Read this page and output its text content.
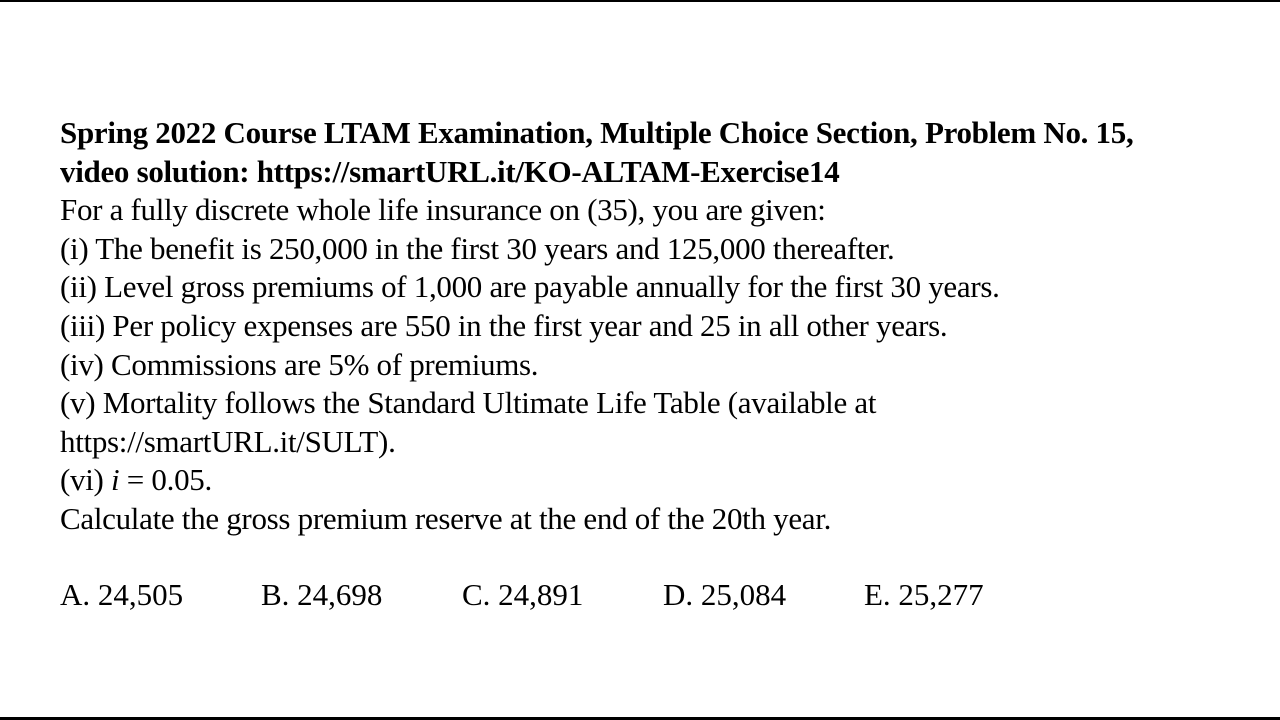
Spring 2022 Course LTAM Examination, Multiple Choice Section, Problem No. 15,
video solution: https://smartURL.it/KO-ALTAM-Exercise14
For a fully discrete whole life insurance on (35), you are given:
(i) The benefit is 250,000 in the first 30 years and 125,000 thereafter.
(ii) Level gross premiums of 1,000 are payable annually for the first 30 years.
(iii) Per policy expenses are 550 in the first year and 25 in all other years.
(iv) Commissions are 5% of premiums.
(v) Mortality follows the Standard Ultimate Life Table (available at
https://smartURL.it/SULT).
(vi) i = 0.05.
Calculate the gross premium reserve at the end of the 20th year.
A. 24,505	B. 24,698	C. 24,891	D. 25,084	E. 25,277
